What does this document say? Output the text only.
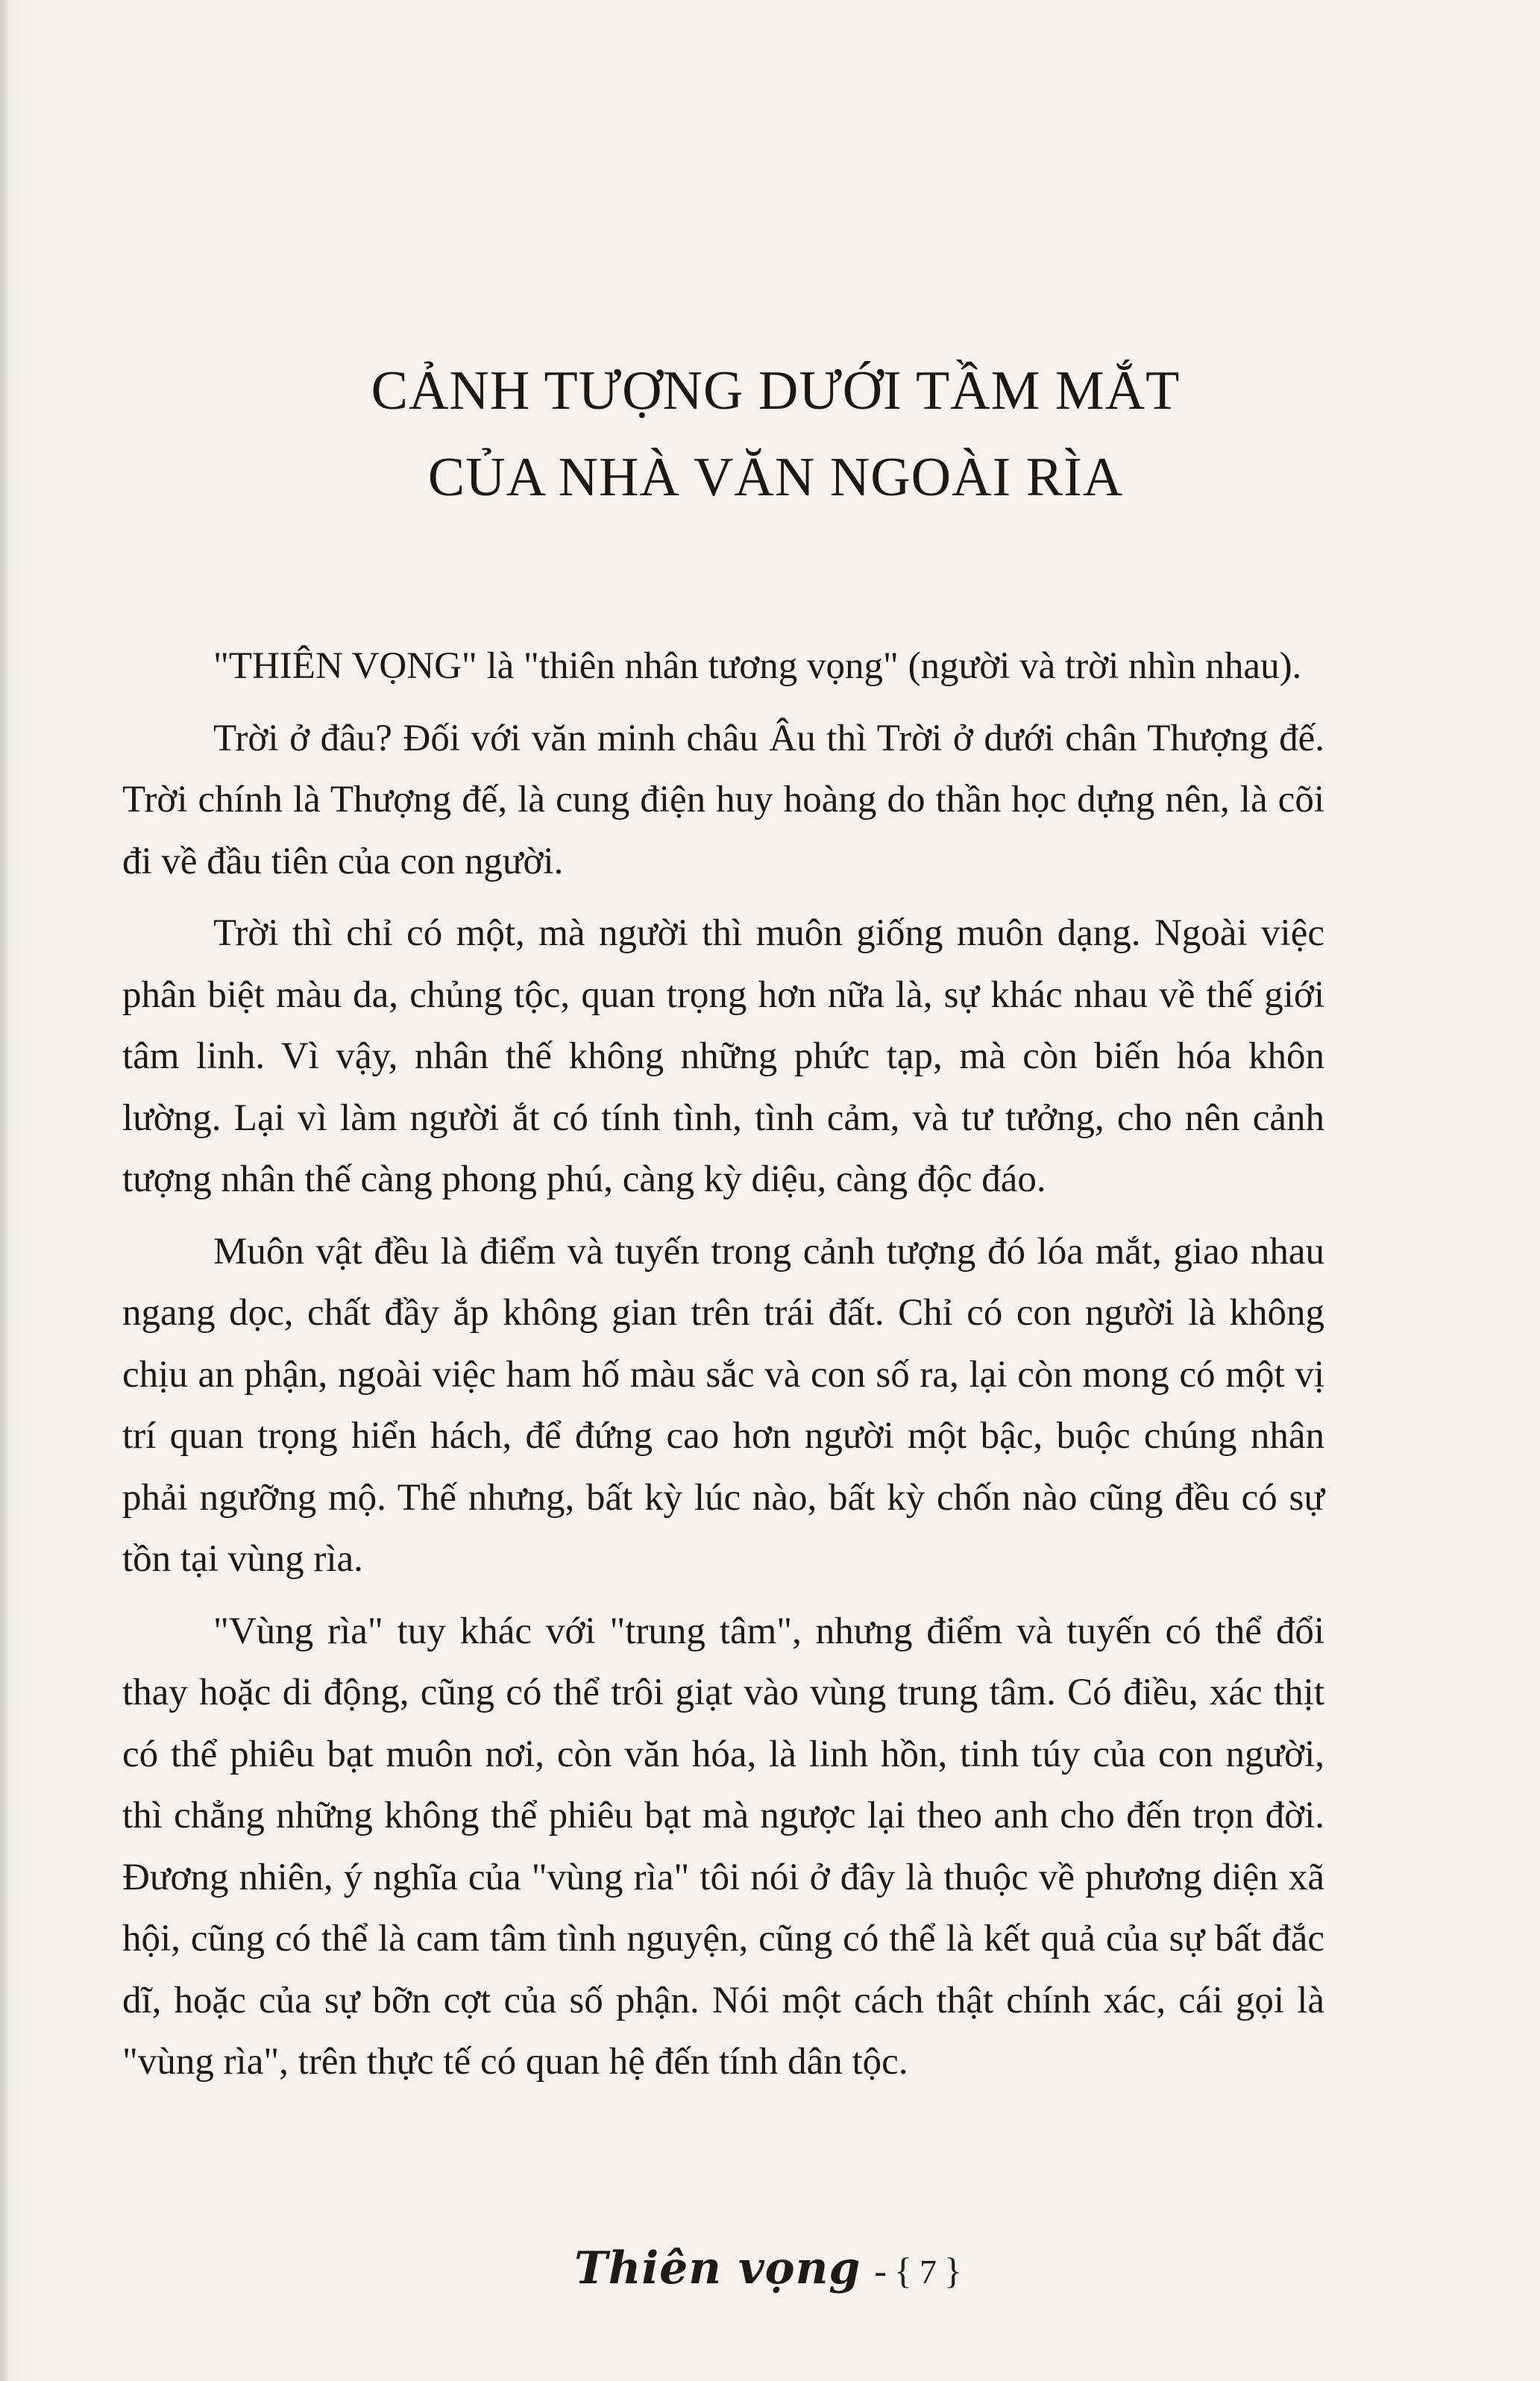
CẢNH TƯỢNG DƯỚI TẦM MẮT
CỦA NHÀ VĂN NGOÀI RÌA

"THIÊN VỌNG" là "thiên nhân tương vọng" (người và trời nhìn nhau).

Trời ở đâu? Đối với văn minh châu Âu thì Trời ở dưới chân Thượng đế. Trời chính là Thượng đế, là cung điện huy hoàng do thần học dựng nên, là cõi đi về đầu tiên của con người.

Trời thì chỉ có một, mà người thì muôn giống muôn dạng. Ngoài việc phân biệt màu da, chủng tộc, quan trọng hơn nữa là, sự khác nhau về thế giới tâm linh. Vì vậy, nhân thế không những phức tạp, mà còn biến hóa khôn lường. Lại vì làm người ắt có tính tình, tình cảm, và tư tưởng, cho nên cảnh tượng nhân thế càng phong phú, càng kỳ diệu, càng độc đáo.

Muôn vật đều là điểm và tuyến trong cảnh tượng đó lóa mắt, giao nhau ngang dọc, chất đầy ắp không gian trên trái đất. Chỉ có con người là không chịu an phận, ngoài việc ham hố màu sắc và con số ra, lại còn mong có một vị trí quan trọng hiển hách, để đứng cao hơn người một bậc, buộc chúng nhân phải ngưỡng mộ. Thế nhưng, bất kỳ lúc nào, bất kỳ chốn nào cũng đều có sự tồn tại vùng rìa.

"Vùng rìa" tuy khác với "trung tâm", nhưng điểm và tuyến có thể đổi thay hoặc di động, cũng có thể trôi giạt vào vùng trung tâm. Có điều, xác thịt có thể phiêu bạt muôn nơi, còn văn hóa, là linh hồn, tinh túy của con người, thì chẳng những không thể phiêu bạt mà ngược lại theo anh cho đến trọn đời. Đương nhiên, ý nghĩa của "vùng rìa" tôi nói ở đây là thuộc về phương diện xã hội, cũng có thể là cam tâm tình nguyện, cũng có thể là kết quả của sự bất đắc dĩ, hoặc của sự bỡn cợt của số phận. Nói một cách thật chính xác, cái gọi là "vùng rìa", trên thực tế có quan hệ đến tính dân tộc.

Thiên vọng - { 7 }
